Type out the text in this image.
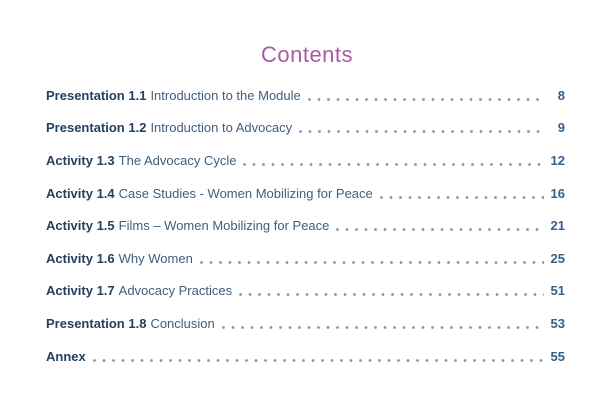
Contents
Presentation 1.1 Introduction to the Module	8
Presentation 1.2 Introduction to Advocacy	9
Activity 1.3 The Advocacy Cycle	12
Activity 1.4 Case Studies - Women Mobilizing for Peace	16
Activity 1.5 Films – Women Mobilizing for Peace	21
Activity 1.6 Why Women	25
Activity 1.7 Advocacy Practices	51
Presentation 1.8 Conclusion	53
Annex	55
